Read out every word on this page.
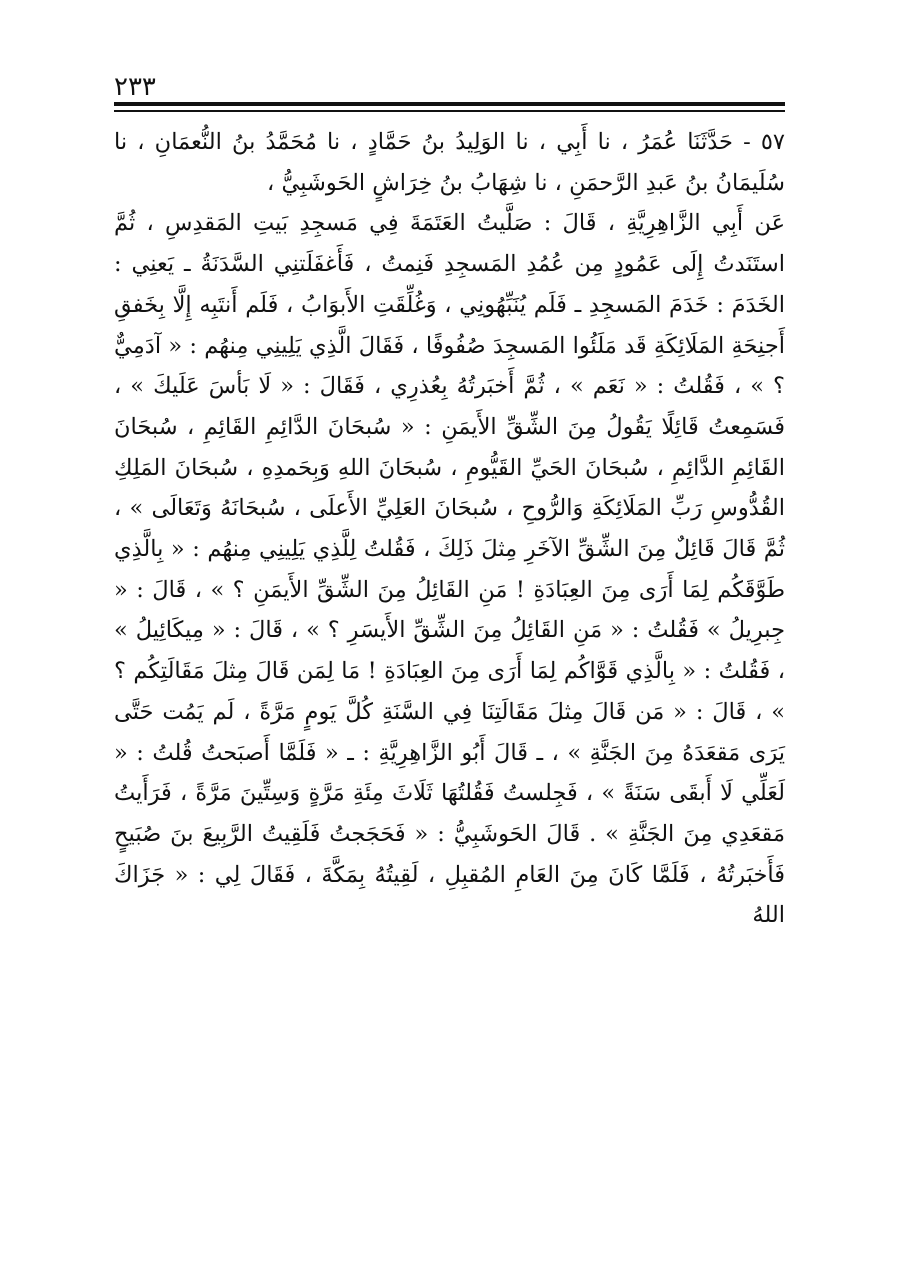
٢٣٣

٥٧ - حَدَّثَنَا عُمَرُ ، نا أَبِي ، نا الوَلِيدُ بنُ حَمَّادٍ ، نا مُحَمَّدُ بنُ النُّعمَانِ ، نا سُلَيمَانُ بنُ عَبدِ الرَّحمَنِ ، نا شِهَابُ بنُ خِرَاشٍ الحَوشَبِيُّ ،

عَن أَبِي الزَّاهِرِيَّةِ ، قَالَ : صَلَّيتُ العَتَمَةَ فِي مَسجِدِ بَيتِ المَقدِسِ ، ثُمَّ استَنَدتُ إِلَى عَمُودٍ مِن عُمُدِ المَسجِدِ فَنِمتُ ، فَأَغفَلَتنِي السَّدَنَةُ ـ يَعنِي : الخَدَمَ : خَدَمَ المَسجِدِ ـ فَلَم يُنَبِّهُونِي ، وَغُلِّقَتِ الأَبوَابُ ، فَلَم أَنتَبِه إِلَّا بِخَفقِ أَجنِحَةِ المَلَائِكَةِ قَد مَلَئُوا المَسجِدَ صُفُوفًا ، فَقَالَ الَّذِي يَلِينِي مِنهُم : « آدَمِيٌّ ؟ » ، فَقُلتُ : « نَعَم » ، ثُمَّ أَخبَرتُهُ بِعُذرِي ، فَقَالَ : « لَا بَأسَ عَلَيكَ » ، فَسَمِعتُ قَائِلًا يَقُولُ مِنَ الشِّقِّ الأَيمَنِ : « سُبحَانَ الدَّائِمِ القَائِمِ ، سُبحَانَ القَائِمِ الدَّائِمِ ، سُبحَانَ الحَيِّ القَيُّومِ ، سُبحَانَ اللهِ وَبِحَمدِهِ ، سُبحَانَ المَلِكِ القُدُّوسِ رَبِّ المَلَائِكَةِ وَالرُّوحِ ، سُبحَانَ العَلِيِّ الأَعلَى ، سُبحَانَهُ وَتَعَالَى » ، ثُمَّ قَالَ قَائِلٌ مِنَ الشِّقِّ الآخَرِ مِثلَ ذَلِكَ ، فَقُلتُ لِلَّذِي يَلِينِي مِنهُم : « بِالَّذِي طَوَّقَكُم لِمَا أَرَى مِنَ العِبَادَةِ ! مَنِ القَائِلُ مِنَ الشِّقِّ الأَيمَنِ ؟ » ، قَالَ : « جِبرِيلُ » فَقُلتُ : « مَنِ القَائِلُ مِنَ الشِّقِّ الأَيسَرِ ؟ » ، قَالَ : « مِيكَائِيلُ » ، فَقُلتُ : « بِالَّذِي قَوَّاكُم لِمَا أَرَى مِنَ العِبَادَةِ ! مَا لِمَن قَالَ مِثلَ مَقَالَتِكُم ؟ » ، قَالَ : « مَن قَالَ مِثلَ مَقَالَتِنَا فِي السَّنَةِ كُلَّ يَومٍ مَرَّةً ، لَم يَمُت حَتَّى يَرَى مَقعَدَهُ مِنَ الجَنَّةِ » ، ـ قَالَ أَبُو الزَّاهِرِيَّةِ : ـ « فَلَمَّا أَصبَحتُ قُلتُ : « لَعَلِّي لَا أَبقَى سَنَةً » ، فَجِلستُ فَقُلتُهَا ثَلَاثَ مِئَةِ مَرَّةٍ وَسِتِّينَ مَرَّةً ، فَرَأَيتُ مَقعَدِي مِنَ الجَنَّةِ » . قَالَ الحَوشَبِيُّ : « فَحَجَجتُ فَلَقِيتُ الرَّبِيعَ بنَ صُبَيحٍ فَأَخبَرتُهُ ، فَلَمَّا كَانَ مِنَ العَامِ المُقبِلِ ، لَقِيتُهُ بِمَكَّةَ ، فَقَالَ لِي : « جَزَاكَ اللهُ
